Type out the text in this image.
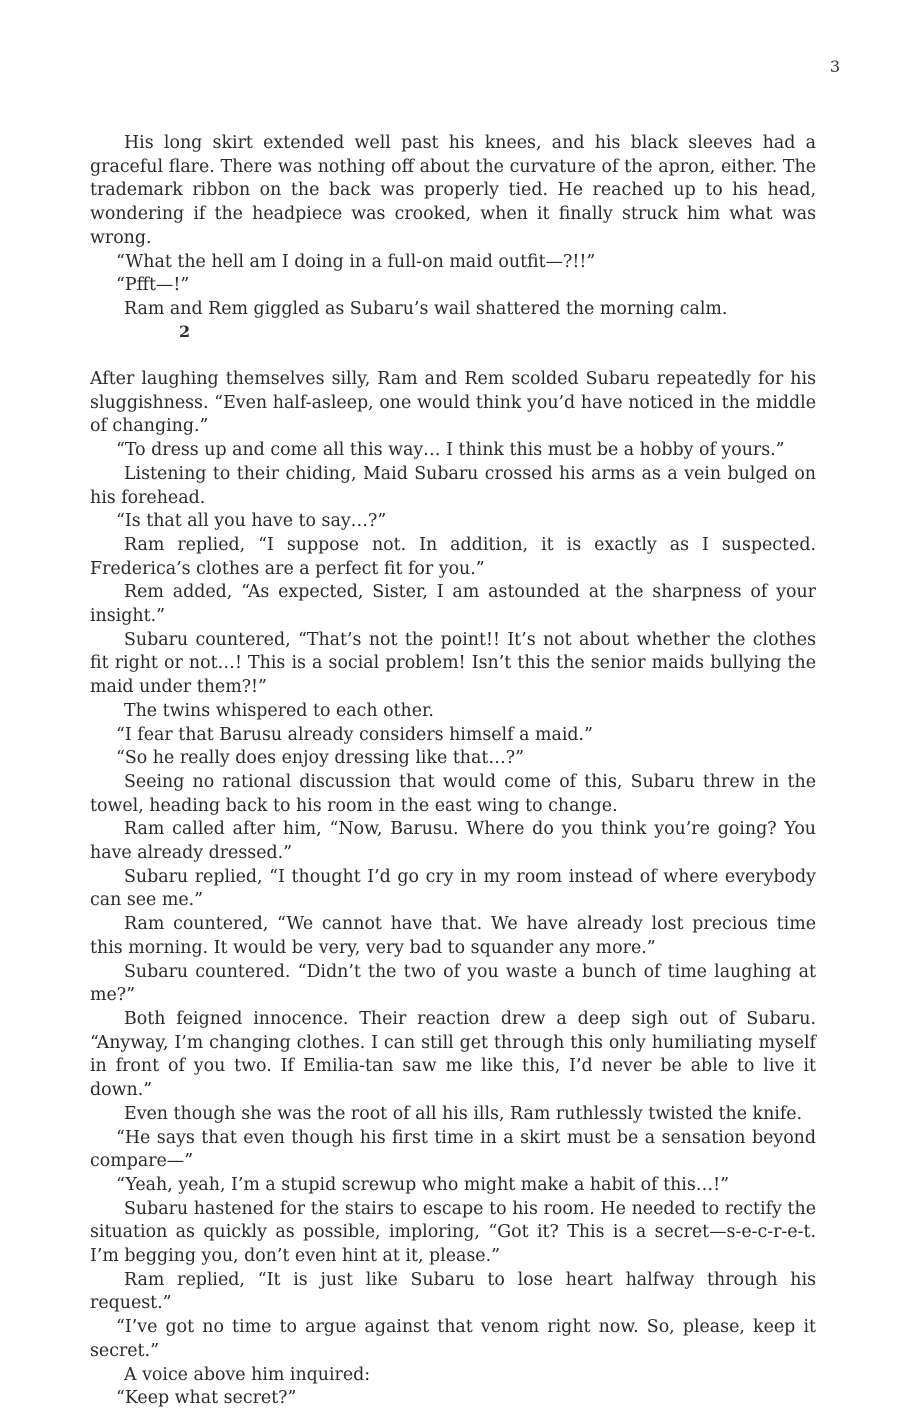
3

His long skirt extended well past his knees, and his black sleeves had a graceful flare. There was nothing off about the curvature of the apron, either. The trademark ribbon on the back was properly tied. He reached up to his head, wondering if the headpiece was crooked, when it finally struck him what was wrong.

“What the hell am I doing in a full-on maid outfit—?!!”

“Pfft—!”

Ram and Rem giggled as Subaru’s wail shattered the morning calm.

2

After laughing themselves silly, Ram and Rem scolded Subaru repeatedly for his sluggishness. “Even half-asleep, one would think you’d have noticed in the middle of changing.”

“To dress up and come all this way… I think this must be a hobby of yours.”

Listening to their chiding, Maid Subaru crossed his arms as a vein bulged on his forehead.

“Is that all you have to say…?”

Ram replied, “I suppose not. In addition, it is exactly as I suspected. Frederica’s clothes are a perfect fit for you.”

Rem added, “As expected, Sister, I am astounded at the sharpness of your insight.”

Subaru countered, “That’s not the point!! It’s not about whether the clothes fit right or not…! This is a social problem! Isn’t this the senior maids bullying the maid under them?!”

The twins whispered to each other.

“I fear that Barusu already considers himself a maid.”

“So he really does enjoy dressing like that…?”

Seeing no rational discussion that would come of this, Subaru threw in the towel, heading back to his room in the east wing to change.

Ram called after him, “Now, Barusu. Where do you think you’re going? You have already dressed.”

Subaru replied, “I thought I’d go cry in my room instead of where everybody can see me.”

Ram countered, “We cannot have that. We have already lost precious time this morning. It would be very, very bad to squander any more.”

Subaru countered. “Didn’t the two of you waste a bunch of time laughing at me?”

Both feigned innocence. Their reaction drew a deep sigh out of Subaru. “Anyway, I’m changing clothes. I can still get through this only humiliating myself in front of you two. If Emilia-tan saw me like this, I’d never be able to live it down.”

Even though she was the root of all his ills, Ram ruthlessly twisted the knife.

“He says that even though his first time in a skirt must be a sensation beyond compare—”

“Yeah, yeah, I’m a stupid screwup who might make a habit of this…!”

Subaru hastened for the stairs to escape to his room. He needed to rectify the situation as quickly as possible, imploring, “Got it? This is a secret—s-e-c-r-e-t. I’m begging you, don’t even hint at it, please.”

Ram replied, “It is just like Subaru to lose heart halfway through his request.”

“I’ve got no time to argue against that venom right now. So, please, keep it secret.”

A voice above him inquired:

“Keep what secret?”
